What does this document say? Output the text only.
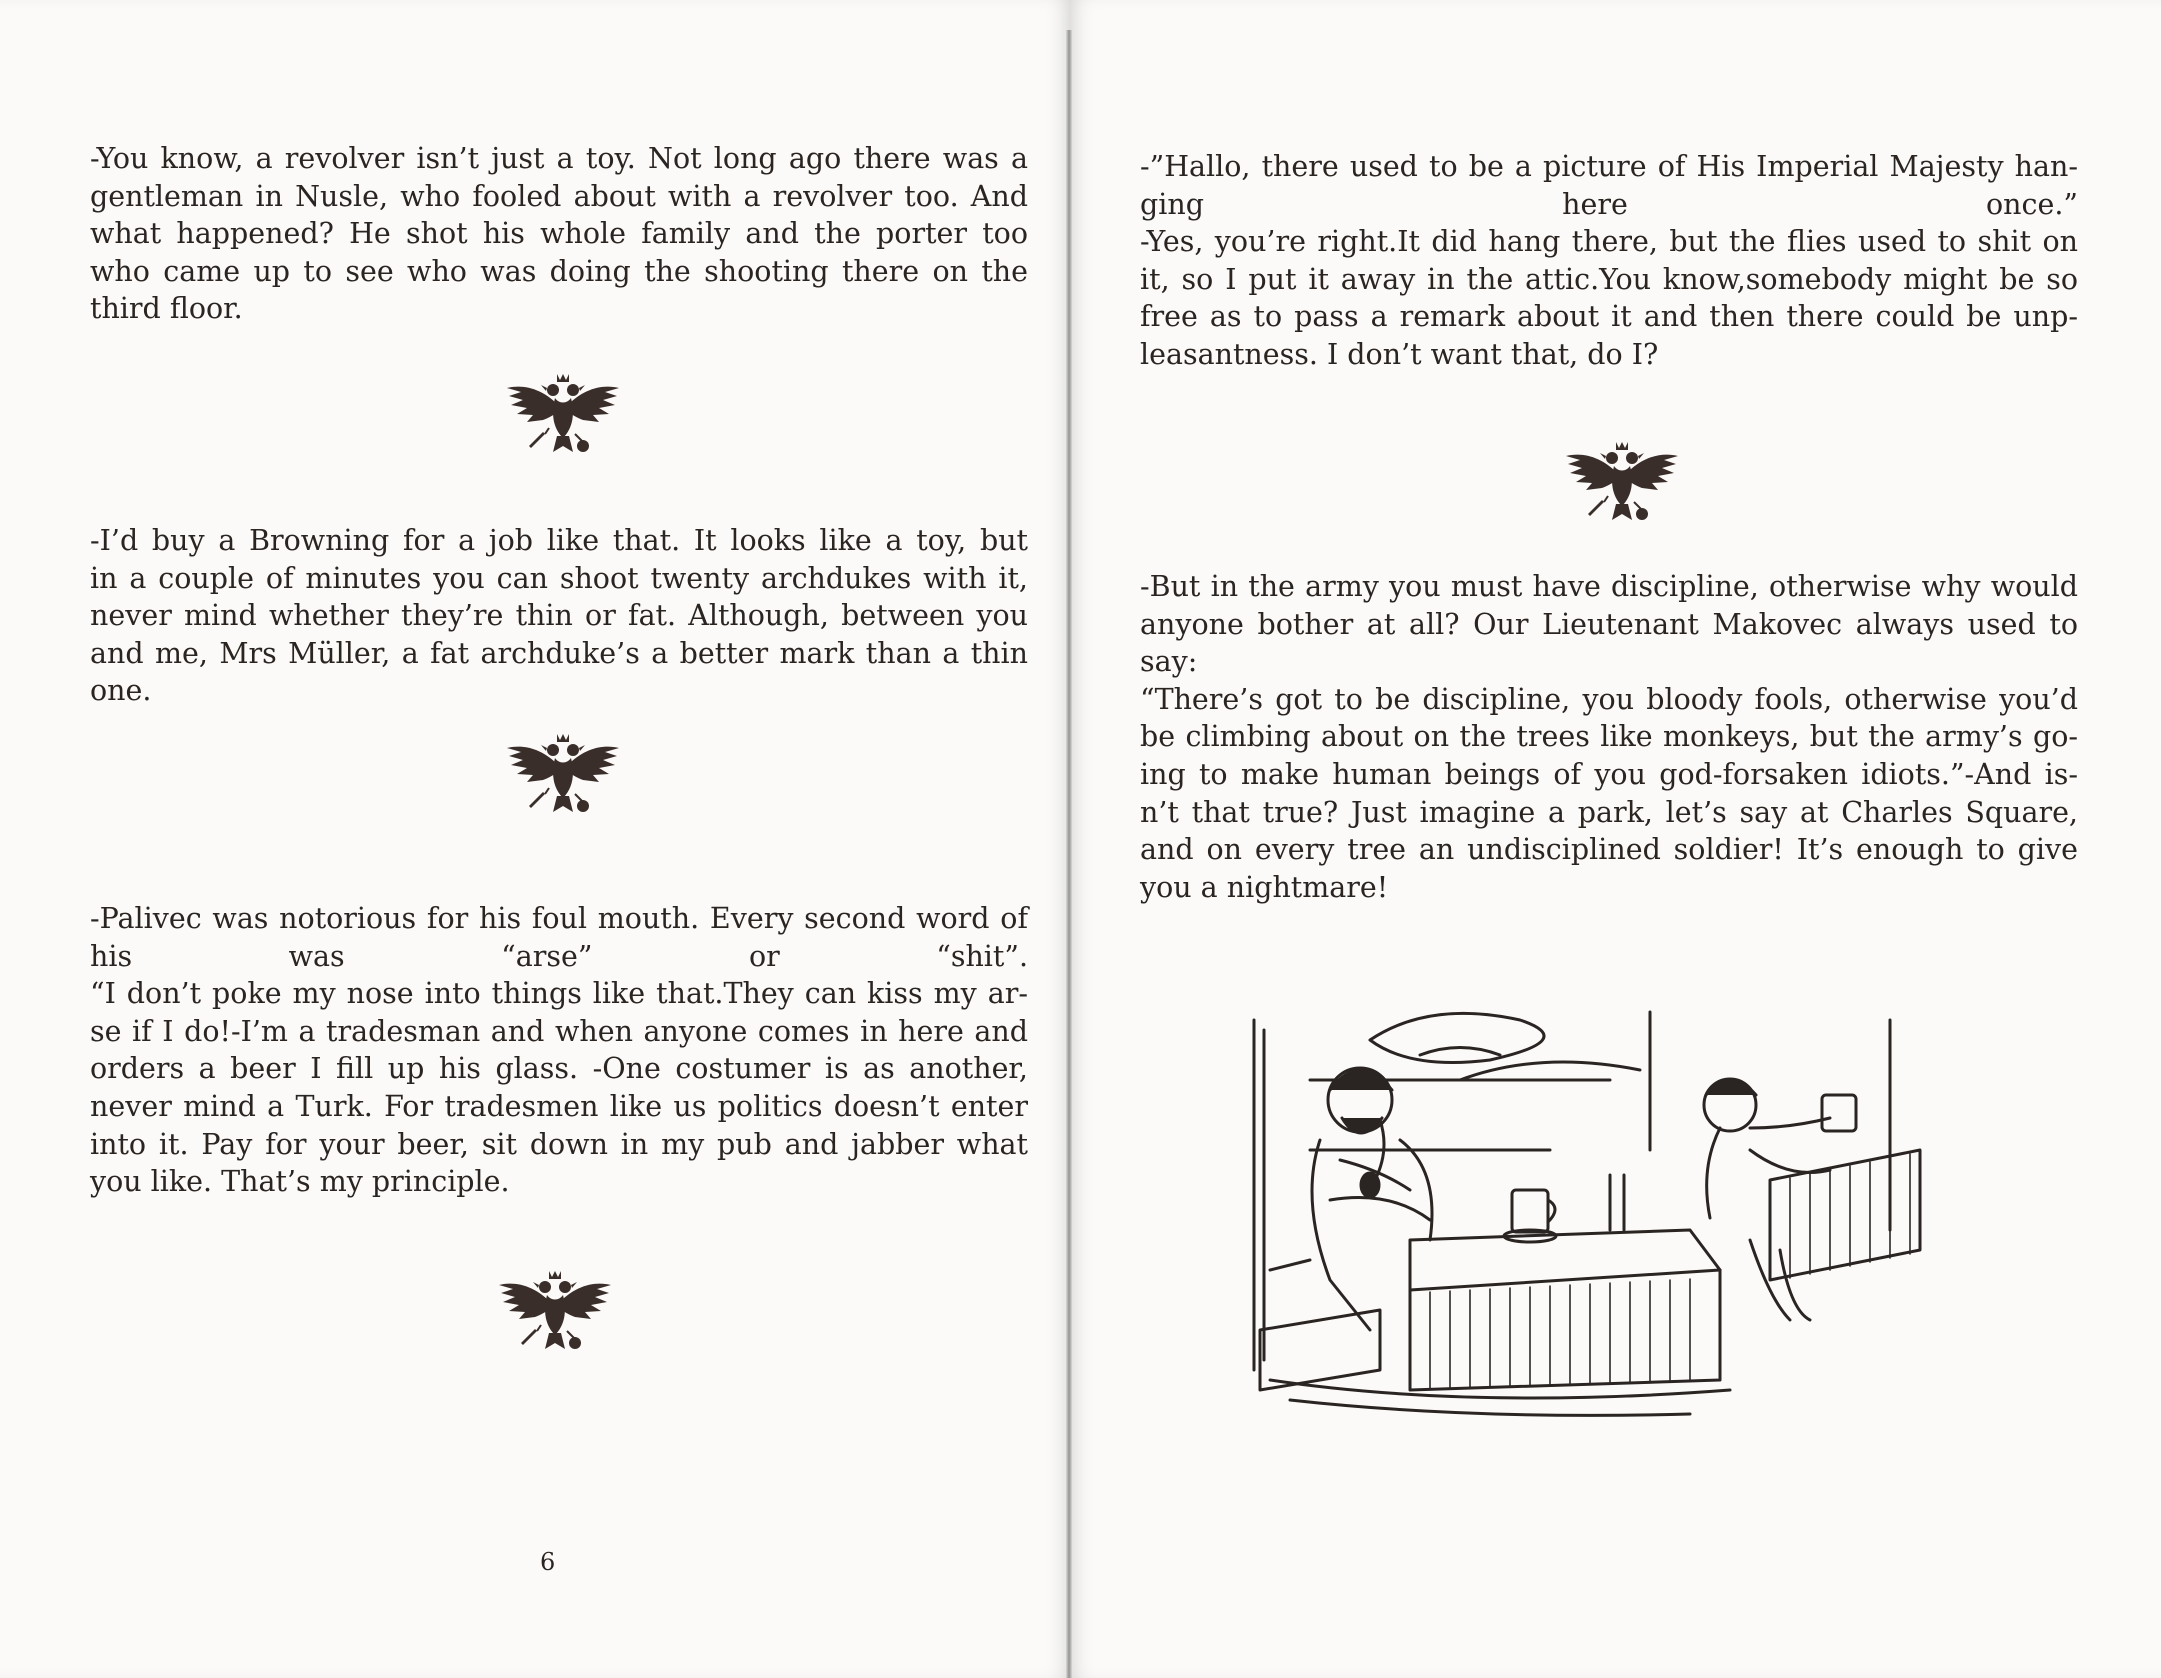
-You know, a revolver isn’t just a toy. Not long ago there was a
gentleman in Nusle, who fooled about with a revolver too. And
what happened? He shot his whole family and the porter too
who came up to see who was doing the shooting there on the
third floor.
-I’d buy a Browning for a job like that. It looks like a toy, but
in a couple of minutes you can shoot twenty archdukes with it,
never mind whether they’re thin or fat. Although, between you
and me, Mrs Müller, a fat archduke’s a better mark than a thin
one.
-Palivec was notorious for his foul mouth. Every second word of
his was “arse” or “shit”.
“I don’t poke my nose into things like that.They can kiss my ar-
se if I do!-I’m a tradesman and when anyone comes in here and
orders a beer I fill up his glass. -One costumer is as another,
never mind a Turk. For tradesmen like us politics doesn’t enter
into it. Pay for your beer, sit down in my pub and jabber what
you like. That’s my principle.
6
-”Hallo, there used to be a picture of His Imperial Majesty han-
ging here once.”
-Yes, you’re right.It did hang there, but the flies used to shit on
it, so I put it away in the attic.You know,somebody might be so
free as to pass a remark about it and then there could be unp-
leasantness. I don’t want that, do I?
-But in the army you must have discipline, otherwise why would
anyone bother at all? Our Lieutenant Makovec always used to
say:
“There’s got to be discipline, you bloody fools, otherwise you’d
be climbing about on the trees like monkeys, but the army’s go-
ing to make human beings of you god-forsaken idiots.”-And is-
n’t that true? Just imagine a park, let’s say at Charles Square,
and on every tree an undisciplined soldier! It’s enough to give
you a nightmare!
